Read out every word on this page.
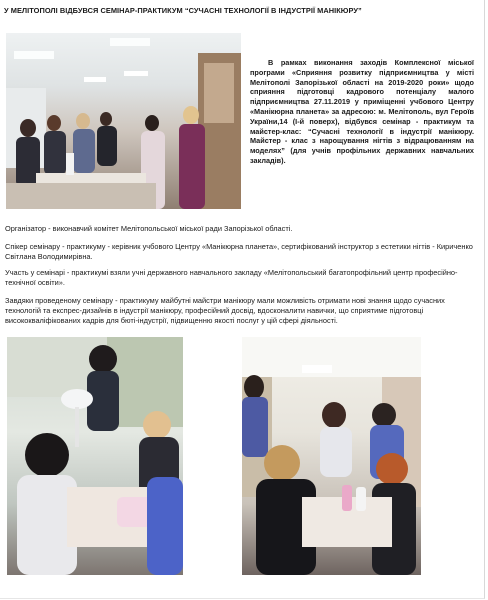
У МЕЛІТОПОЛІ ВІДБУВСЯ СЕМІНАР-ПРАКТИКУМ “СУЧАСНІ ТЕХНОЛОГІЇ В ІНДУСТРІЇ МАНІКЮРУ”
В рамках виконання заходів Комплексної міської програми «Сприяння розвитку підприємництва у місті Мелітополі Запорізької області на 2019-2020 роки» щодо сприяння підготовці кадрового потенціалу малого підприємництва 27.11.2019 у приміщенні учбового Центру «Манікюрна планета» за адресою: м. Мелітополь, вул Героїв України,14 (І-й поверх), відбувся семінар - практикум та майстер-клас: “Сучасні технології в індустрії манікюру. Майстер - клас з нарощування нігтів з відрацюванням на моделях” (для учнів профільних державних навчальних закладів).
Організатор - виконавчий комітет Мелітопольської міської ради Запорізької області.
Спікер семінару - практикуму - керівник учбового Центру «Манікюрна планета», сертифікований інструктор з естетики нігтів - Кириченко Світлана Володимирівна.
Участь у семінарі - практикумі взяли учні державного навчального закладу «Мелітопольський багатопрофільний центр професійно- технічної освіти».
Завдяки проведеному семінару - практикуму майбутні майстри манікюру мали можливість отримати нові знання щодо сучасних технологій та експрес-дизайнів в індустрії манікюру, професійний досвід, вдосконалити навички, що сприятиме підготовці висококваліфікованих кадрів для бюті-індустрії, підвищенню якості послуг у цій сфері діяльності.
